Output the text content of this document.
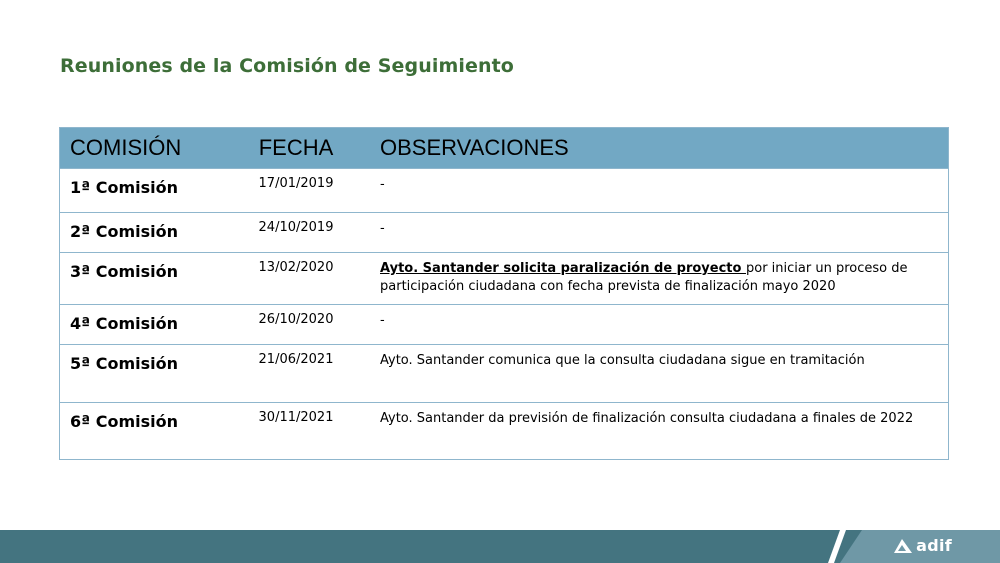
Reuniones de la Comisión de Seguimiento
COMISIÓN	FECHA	OBSERVACIONES
1ª Comisión	17/01/2019	-
2ª Comisión	24/10/2019	-
3ª Comisión	13/02/2020	Ayto. Santander solicita paralización de proyecto por iniciar un proceso de participación ciudadana con fecha prevista de finalización mayo 2020
4ª Comisión	26/10/2020	-
5ª Comisión	21/06/2021	Ayto. Santander comunica que la consulta ciudadana sigue en tramitación
6ª Comisión	30/11/2021	Ayto. Santander da previsión de finalización consulta ciudadana a finales de 2022
adif
